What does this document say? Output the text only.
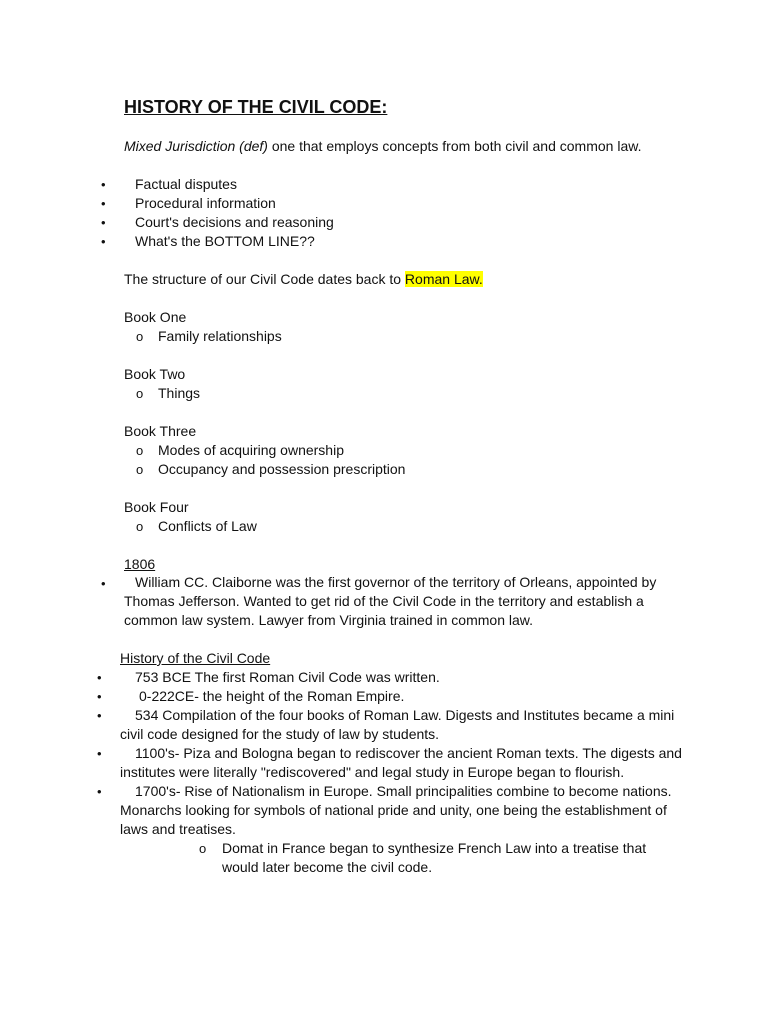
HISTORY OF THE CIVIL CODE:
Mixed Jurisdiction (def) one that employs concepts from both civil and common law.
• Factual disputes
• Procedural information
• Court's decisions and reasoning
• What's the BOTTOM LINE??
The structure of our Civil Code dates back to Roman Law.
Book One
o Family relationships
Book Two
o Things
Book Three
o Modes of acquiring ownership
o Occupancy and possession prescription
Book Four
o Conflicts of Law
1806
• William CC. Claiborne was the first governor of the territory of Orleans, appointed by
Thomas Jefferson. Wanted to get rid of the Civil Code in the territory and establish a
common law system. Lawyer from Virginia trained in common law.
History of the Civil Code
• 753 BCE The first Roman Civil Code was written.
•	0-222CE- the height of the Roman Empire.
• 534 Compilation of the four books of Roman Law. Digests and Institutes became a mini
civil code designed for the study of law by students.
• 1100's- Piza and Bologna began to rediscover the ancient Roman texts. The digests and
institutes were literally "rediscovered" and legal study in Europe began to flourish.
• 1700's- Rise of Nationalism in Europe. Small principalities combine to become nations.
Monarchs looking for symbols of national pride and unity, one being the establishment of
laws and treatises.
o Domat in France began to synthesize French Law into a treatise that
would later become the civil code.
